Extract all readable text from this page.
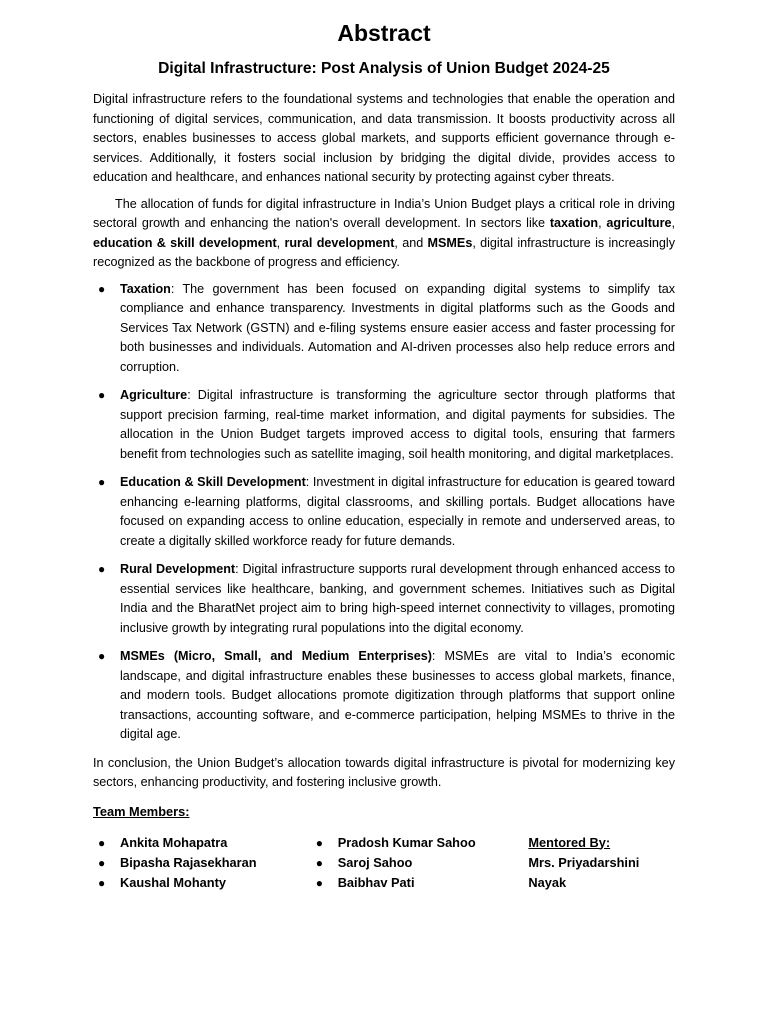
Abstract
Digital Infrastructure: Post Analysis of Union Budget 2024-25

Digital infrastructure refers to the foundational systems and technologies that enable the operation and functioning of digital services, communication, and data transmission. It boosts productivity across all sectors, enables businesses to access global markets, and supports efficient governance through e-services. Additionally, it fosters social inclusion by bridging the digital divide, provides access to education and healthcare, and enhances national security by protecting against cyber threats.

The allocation of funds for digital infrastructure in India’s Union Budget plays a critical role in driving sectoral growth and enhancing the nation's overall development. In sectors like taxation, agriculture, education & skill development, rural development, and MSMEs, digital infrastructure is increasingly recognized as the backbone of progress and efficiency.

● Taxation: The government has been focused on expanding digital systems to simplify tax compliance and enhance transparency. Investments in digital platforms such as the Goods and Services Tax Network (GSTN) and e-filing systems ensure easier access and faster processing for both businesses and individuals. Automation and AI-driven processes also help reduce errors and corruption.
● Agriculture: Digital infrastructure is transforming the agriculture sector through platforms that support precision farming, real-time market information, and digital payments for subsidies. The allocation in the Union Budget targets improved access to digital tools, ensuring that farmers benefit from technologies such as satellite imaging, soil health monitoring, and digital marketplaces.
● Education & Skill Development: Investment in digital infrastructure for education is geared toward enhancing e-learning platforms, digital classrooms, and skilling portals. Budget allocations have focused on expanding access to online education, especially in remote and underserved areas, to create a digitally skilled workforce ready for future demands.
● Rural Development: Digital infrastructure supports rural development through enhanced access to essential services like healthcare, banking, and government schemes. Initiatives such as Digital India and the BharatNet project aim to bring high-speed internet connectivity to villages, promoting inclusive growth by integrating rural populations into the digital economy.
● MSMEs (Micro, Small, and Medium Enterprises): MSMEs are vital to India’s economic landscape, and digital infrastructure enables these businesses to access global markets, finance, and modern tools. Budget allocations promote digitization through platforms that support online transactions, accounting software, and e-commerce participation, helping MSMEs to thrive in the digital age.

In conclusion, the Union Budget’s allocation towards digital infrastructure is pivotal for modernizing key sectors, enhancing productivity, and fostering inclusive growth.

Team Members:
● Ankita Mohapatra
● Bipasha Rajasekharan
● Kaushal Mohanty
● Pradosh Kumar Sahoo
● Saroj Sahoo
● Baibhav Pati
Mentored By:
Mrs. Priyadarshini Nayak
